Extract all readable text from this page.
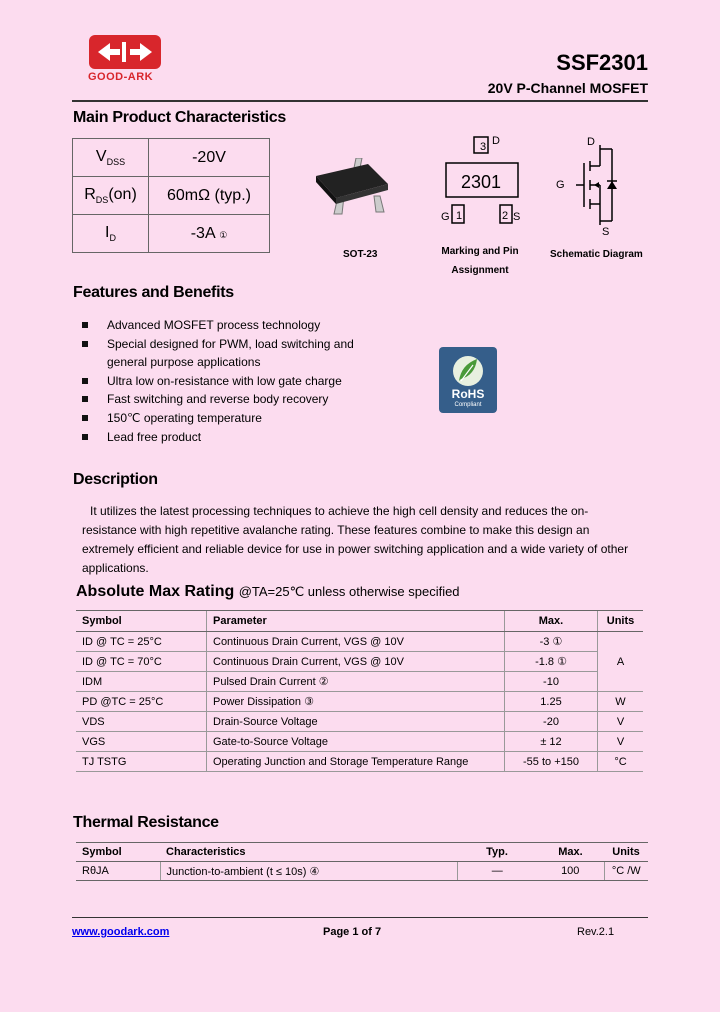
GOOD-ARK
SSF2301
20V P-Channel MOSFET
Main Product Characteristics
$V_{DSS}$	-20V
$R_{DS}(on)$	60mΩ (typ.)
$I_D$	-3A ①
SOT-23
2301
3 D
1
G	2 S
Marking and Pin
Assignment
D
G
S
Schematic Diagram
Features and Benefits
Advanced MOSFET process technology
Special designed for PWM, load switching and general purpose applications
Ultra low on-resistance with low gate charge
Fast switching and reverse body recovery
150℃ operating temperature
Lead free product
RoHS
Compliant
Description

It utilizes the latest processing techniques to achieve the high cell density and reduces the on-resistance with high repetitive avalanche rating. These features combine to make this design an extremely efficient and reliable device for use in power switching application and a wide variety of other applications.

Absolute Max Rating @TA=25℃ unless otherwise specified
Symbol	Parameter	Max.	Units
ID @ TC = 25°C	Continuous Drain Current, VGS @ 10V	-3 ①	A
ID @ TC = 70°C	Continuous Drain Current, VGS @ 10V	-1.8 ①	
IDM	Pulsed Drain Current ②	-10	
PD @TC = 25°C	Power Dissipation ③	1.25	W
VDS	Drain-Source Voltage	-20	V
VGS	Gate-to-Source Voltage	± 12	V
TJ TSTG	Operating Junction and Storage Temperature Range	-55 to +150	°C
Thermal Resistance
Symbol	Characteristics	Typ.	Max.	Units
RθJA	Junction-to-ambient (t ≤ 10s) ④	—	100	°C /W
www.goodark.com	Page 1 of 7	Rev.2.1
